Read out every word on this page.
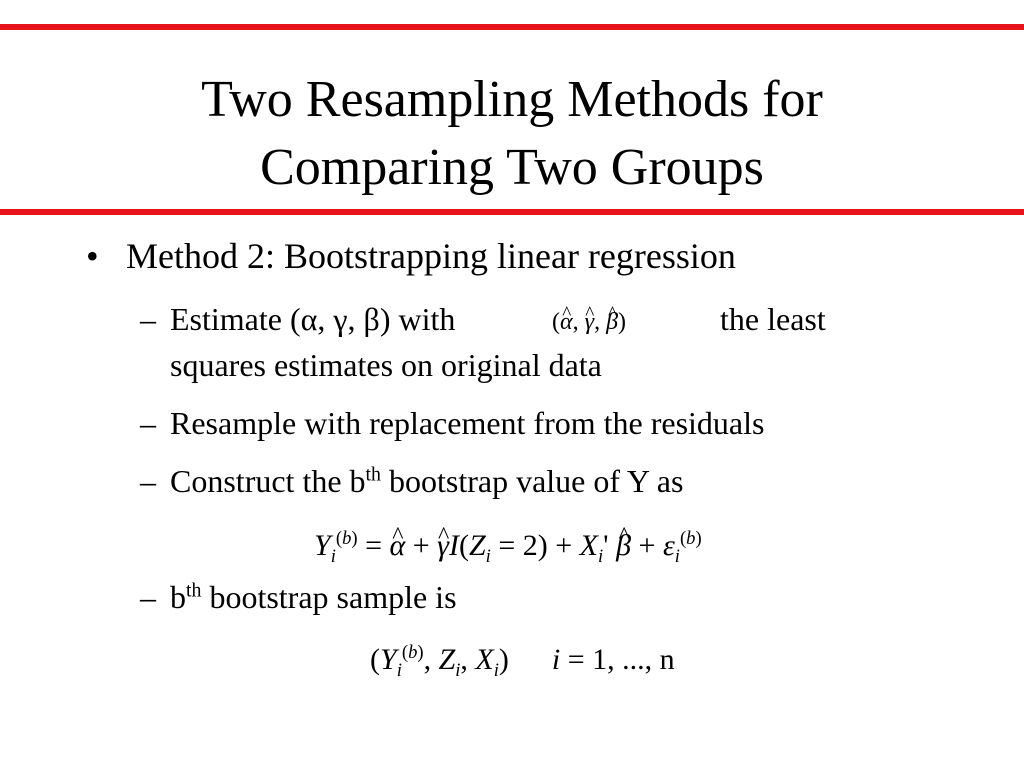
Two Resampling Methods for
Comparing Two Groups
• Method 2: Bootstrapping linear regression
– Estimate (α, γ, β) with	(^ α, ^ γ, ^ β)	the least
squares estimates on original data
– Resample with replacement from the residuals
– Construct the $b^{th}$ bootstrap value of Y as
$Y_i^{(b)}$ = ^ α + ^ $\gamma I(Z_i = 2) + X_i'$ ^ $\beta + \varepsilon_i^{(b)}$
– $b^{th}$ bootstrap sample is
($Y_i^{(b)}$, $Z_i$, $X_i$) i = 1, ..., n
